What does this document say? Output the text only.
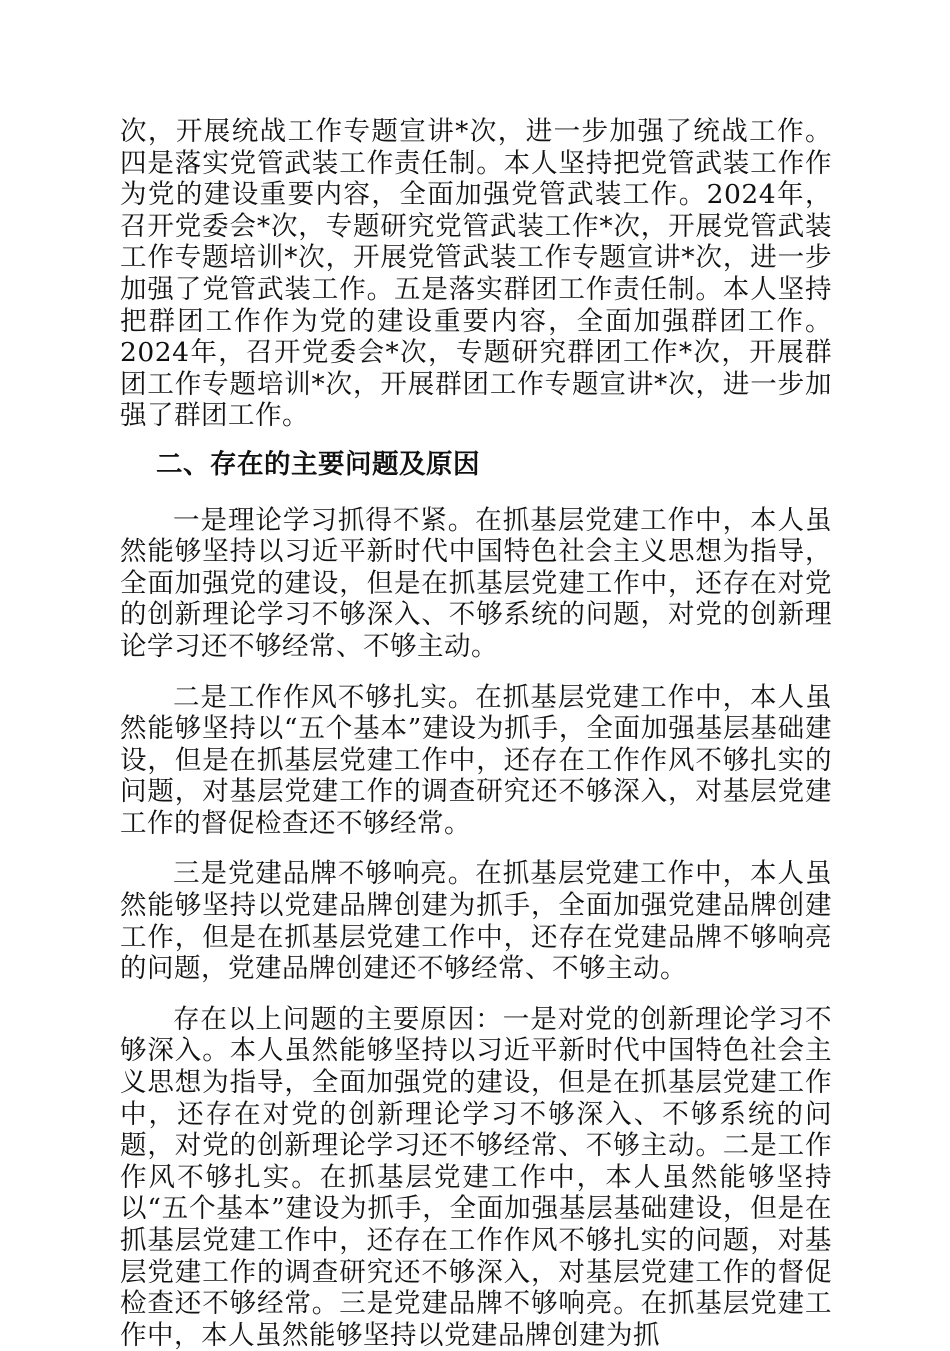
次，开展统战工作专题宣讲*次，进一步加强了统战工作。四是落实党管武装工作责任制。本人坚持把党管武装工作作为党的建设重要内容，全面加强党管武装工作。2024年，召开党委会*次，专题研究党管武装工作*次，开展党管武装工作专题培训*次，开展党管武装工作专题宣讲*次，进一步加强了党管武装工作。五是落实群团工作责任制。本人坚持把群团工作作为党的建设重要内容，全面加强群团工作。2024年，召开党委会*次，专题研究群团工作*次，开展群团工作专题培训*次，开展群团工作专题宣讲*次，进一步加强了群团工作。

二、存在的主要问题及原因

一是理论学习抓得不紧。在抓基层党建工作中，本人虽然能够坚持以习近平新时代中国特色社会主义思想为指导，全面加强党的建设，但是在抓基层党建工作中，还存在对党的创新理论学习不够深入、不够系统的问题，对党的创新理论学习还不够经常、不够主动。

二是工作作风不够扎实。在抓基层党建工作中，本人虽然能够坚持以“五个基本”建设为抓手，全面加强基层基础建设，但是在抓基层党建工作中，还存在工作作风不够扎实的问题，对基层党建工作的调查研究还不够深入，对基层党建工作的督促检查还不够经常。

三是党建品牌不够响亮。在抓基层党建工作中，本人虽然能够坚持以党建品牌创建为抓手，全面加强党建品牌创建工作，但是在抓基层党建工作中，还存在党建品牌不够响亮的问题，党建品牌创建还不够经常、不够主动。

存在以上问题的主要原因：一是对党的创新理论学习不够深入。本人虽然能够坚持以习近平新时代中国特色社会主义思想为指导，全面加强党的建设，但是在抓基层党建工作中，还存在对党的创新理论学习不够深入、不够系统的问题，对党的创新理论学习还不够经常、不够主动。二是工作作风不够扎实。在抓基层党建工作中，本人虽然能够坚持以“五个基本”建设为抓手，全面加强基层基础建设，但是在抓基层党建工作中，还存在工作作风不够扎实的问题，对基层党建工作的调查研究还不够深入，对基层党建工作的督促检查还不够经常。三是党建品牌不够响亮。在抓基层党建工作中，本人虽然能够坚持以党建品牌创建为抓
